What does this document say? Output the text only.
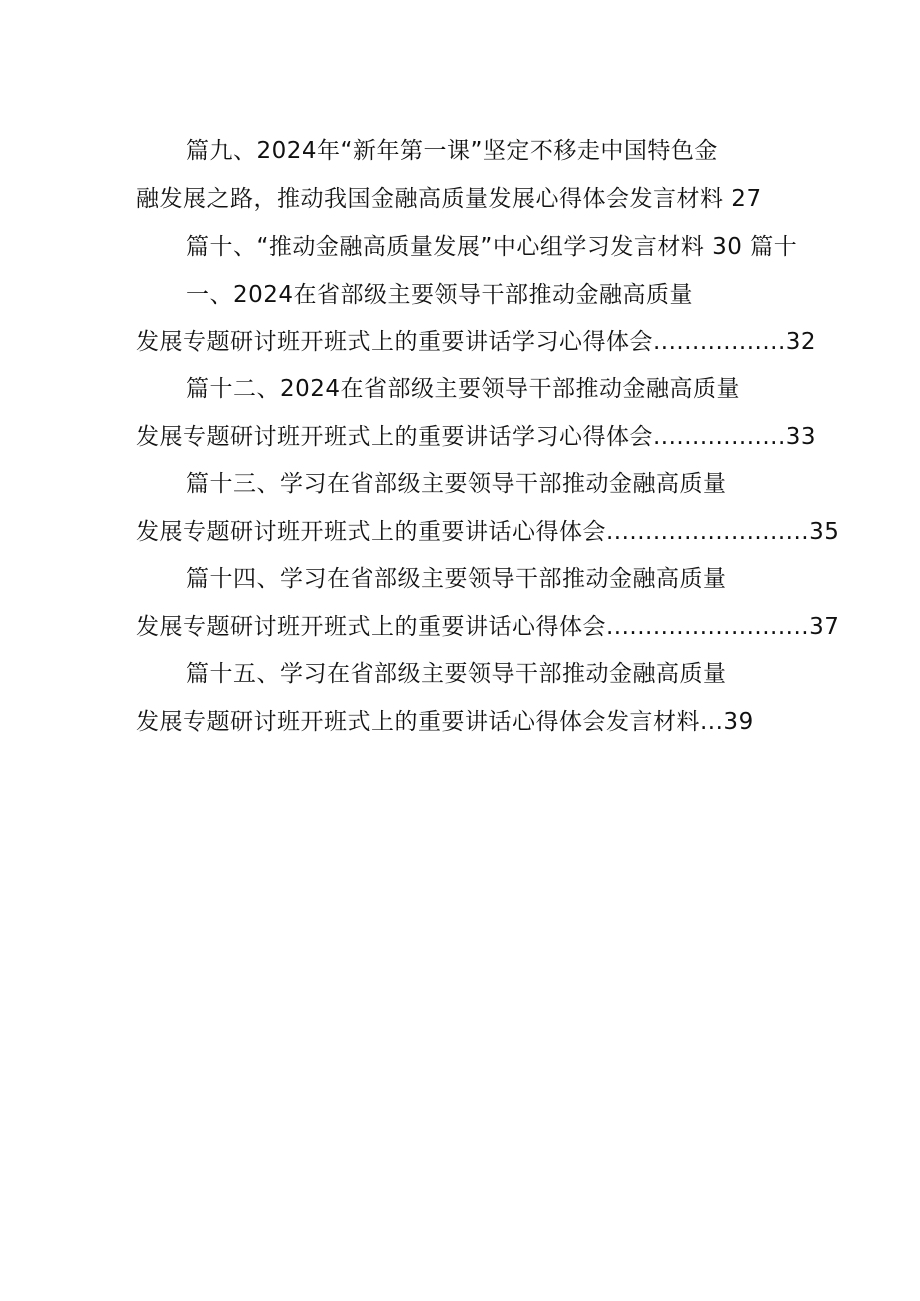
篇九、2024年“新年第一课”坚定不移走中国特色金
融发展之路，推动我国金融高质量发展心得体会发言材料 27
篇十、“推动金融高质量发展”中心组学习发言材料 30 篇十
一、2024在省部级主要领导干部推动金融高质量
发展专题研讨班开班式上的重要讲话学习心得体会.................32
篇十二、2024在省部级主要领导干部推动金融高质量
发展专题研讨班开班式上的重要讲话学习心得体会.................33
篇十三、学习在省部级主要领导干部推动金融高质量
发展专题研讨班开班式上的重要讲话心得体会..........................35
篇十四、学习在省部级主要领导干部推动金融高质量
发展专题研讨班开班式上的重要讲话心得体会..........................37
篇十五、学习在省部级主要领导干部推动金融高质量
发展专题研讨班开班式上的重要讲话心得体会发言材料...39
